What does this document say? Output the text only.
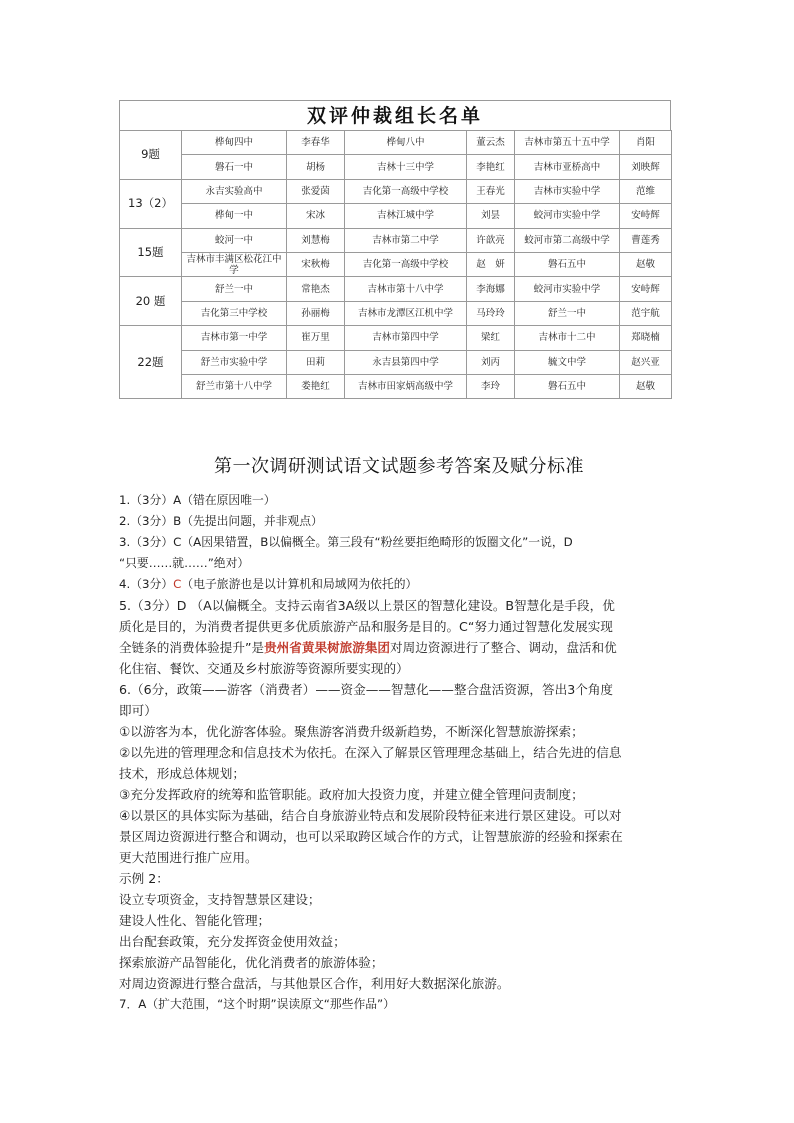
双评仲裁组长名单
9题	桦甸四中	李春华	桦甸八中	董云杰	吉林市第五十五中学	肖阳
	磐石一中	胡杨	吉林十三中学	李艳红	吉林市亚桥高中	刘映辉
13（2）	永吉实验高中	张爱茵	吉化第一高级中学校	王春光	吉林市实验中学	范维
	桦甸一中	宋冰	吉林江城中学	刘昙	蛟河市实验中学	安峙辉
15题	蛟河一中	刘慧梅	吉林市第二中学	许歆亮	蛟河市第二高级中学	曹莲秀
	吉林市丰满区松花江中学	宋秋梅	吉化第一高级中学校	赵　妍	磐石五中	赵敬
20 题	舒兰一中	常艳杰	吉林市第十八中学	李海娜	蛟河市实验中学	安峙辉
	吉化第三中学校	孙丽梅	吉林市龙潭区江机中学	马玲玲	舒兰一中	范宇航
22题	吉林市第一中学	崔万里	吉林市第四中学	梁红	吉林市十二中	郑晓楠
	舒兰市实验中学	田莉	永吉县第四中学	刘丙	毓文中学	赵兴亚
	舒兰市第十八中学	娄艳红	吉林市田家炳高级中学	李玲	磐石五中	赵敬
第一次调研测试语文试题参考答案及赋分标准
1.（3分）A（错在原因唯一）
2.（3分）B（先提出问题，并非观点）
3.（3分）C（A因果错置，B以偏概全。第三段有“粉丝要拒绝畸形的饭圈文化”一说，D
“只要……就……”绝对）
4.（3分）C（电子旅游也是以计算机和局域网为依托的）
5.（3分）D （A以偏概全。支持云南省3A级以上景区的智慧化建设。B智慧化是手段，优
质化是目的，为消费者提供更多优质旅游产品和服务是目的。C“努力通过智慧化发展实现
全链条的消费体验提升”是贵州省黄果树旅游集团对周边资源进行了整合、调动，盘活和优
化住宿、餐饮、交通及乡村旅游等资源所要实现的）
6.（6分，政策——游客（消费者）——资金——智慧化——整合盘活资源，答出3个角度
即可）
①以游客为本，优化游客体验。聚焦游客消费升级新趋势，不断深化智慧旅游探索；
②以先进的管理理念和信息技术为依托。在深入了解景区管理理念基础上，结合先进的信息
技术，形成总体规划；
③充分发挥政府的统筹和监管职能。政府加大投资力度，并建立健全管理问责制度；
④以景区的具体实际为基础，结合自身旅游业特点和发展阶段特征来进行景区建设。可以对
景区周边资源进行整合和调动，也可以采取跨区域合作的方式，让智慧旅游的经验和探索在
更大范围进行推广应用。
示例 2：
设立专项资金，支持智慧景区建设；
建设人性化、智能化管理；
出台配套政策，充分发挥资金使用效益；
探索旅游产品智能化，优化消费者的旅游体验；
对周边资源进行整合盘活，与其他景区合作，利用好大数据深化旅游。
7．A（扩大范围，“这个时期”误读原文“那些作品”）
